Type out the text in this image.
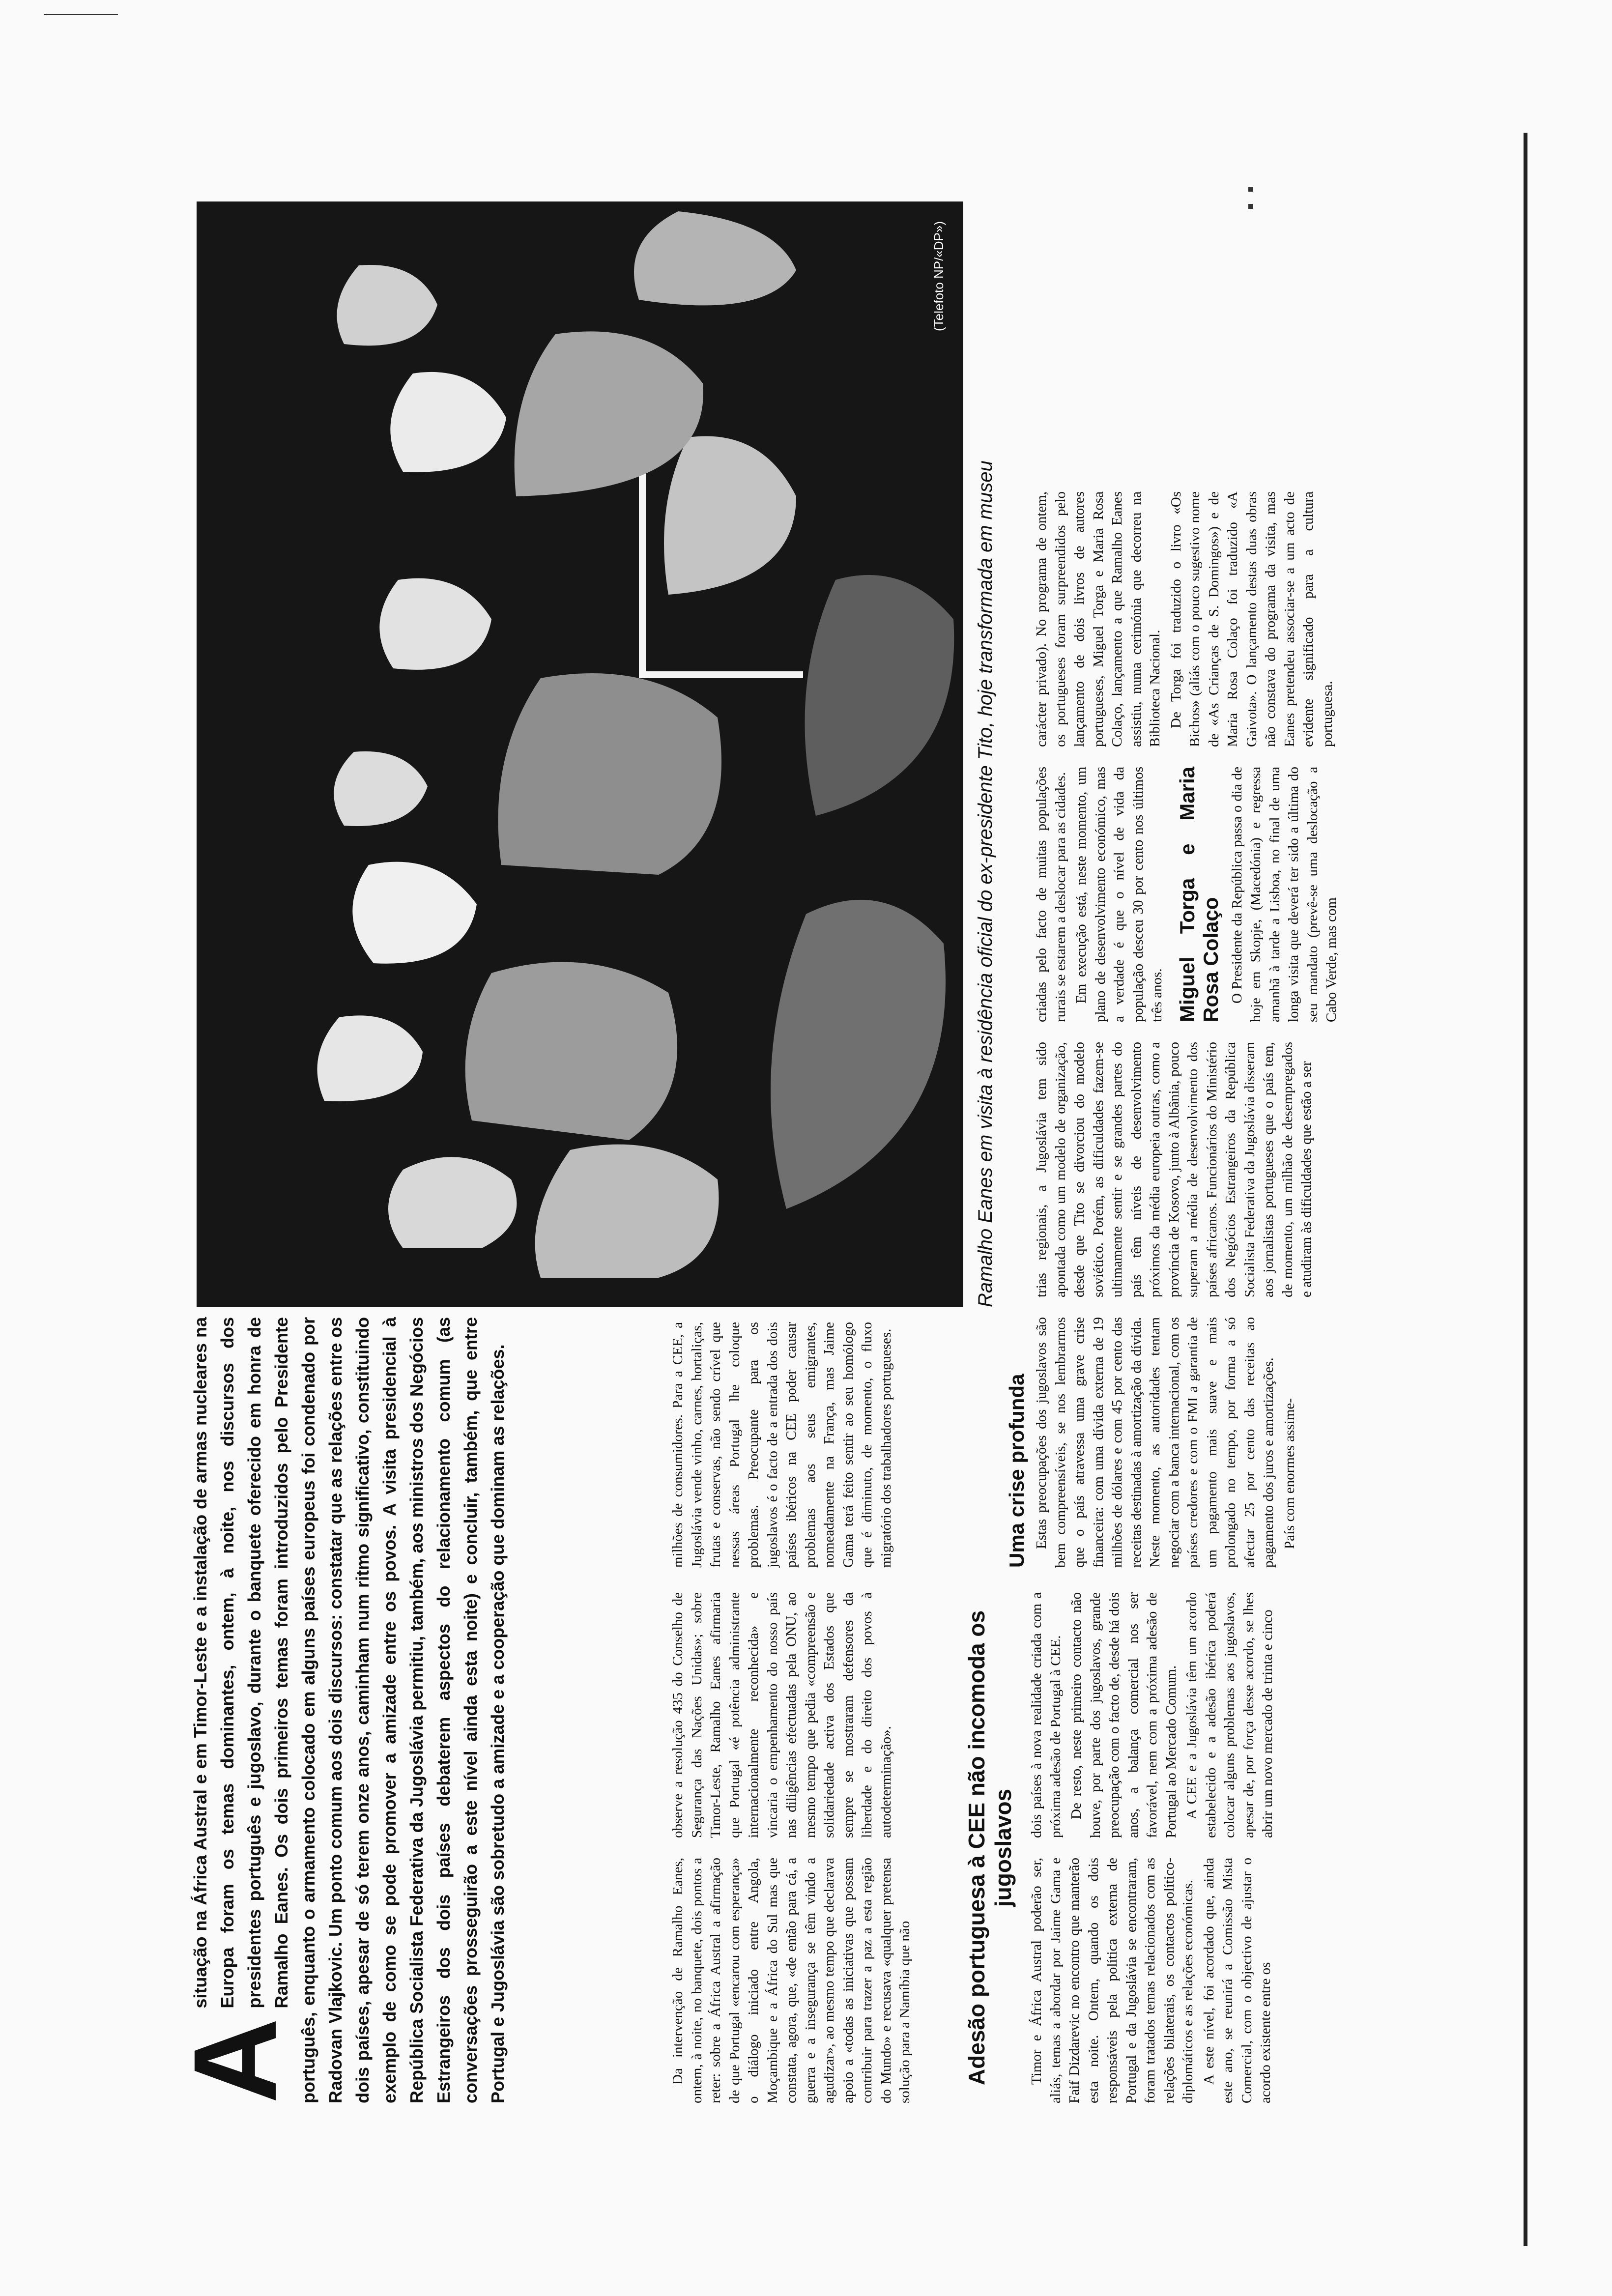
A
situação na África Austral e em Timor-Leste e a instalação de armas nucleares na Europa foram os temas dominantes, ontem, à noite, nos discursos dos presidentes português e jugoslavo, durante o banquete oferecido em honra de Ramalho Eanes. Os dois primeiros temas foram introduzidos pelo Presidente português, enquanto o armamento colocado em alguns países europeus foi condenado por Radovan Vlajkovic. Um ponto comum aos dois discursos: constatar que as relações entre os dois países, apesar de só terem onze anos, caminham num ritmo significativo, constituindo exemplo de como se pode promover a amizade entre os povos. A visita presidencial à República Socialista Federativa da Jugoslávia permitiu, também, aos ministros dos Negócios Estrangeiros dos dois países debaterem aspectos do relacionamento comum (as conversações prosseguirão a este nível ainda esta noite) e concluir, também, que entre Portugal e Jugoslávia são sobretudo a amizade e a cooperação que dominam as relações.	Da intervenção de Ramalho Eanes, ontem, à noite, no banquete, dois pontos a reter: sobre a África Austral a afirmação de que Portugal «encarou com esperança» o diálogo iniciado entre Angola, Moçambique e a África do Sul mas que constata, agora, que, «de então para cá, a guerra e a insegurança se têm vindo a agudizar», ao mesmo tempo que declarava apoio a «todas as iniciativas que possam contribuir para trazer a paz a esta região do Mundo» e recusava «qualquer pretensa solução para a Namíbia que não

observe a resolução 435 do Conselho de Segurança das Nações Unidas»; sobre Timor-Leste, Ramalho Eanes afirmaria que Portugal «é potência administrante internacionalmente reconhecida» e vincaria o empenhamento do nosso país nas diligências efectuadas pela ONU, ao mesmo tempo que pedia «compreensão e solidariedade activa dos Estados que sempre se mostraram defensores da liberdade e do direito dos povos à autodeterminação».

milhões de consumidores. Para a CEE, a Jugoslávia vende vinho, carnes, hortaliças, frutas e conservas, não sendo crível que nessas áreas Portugal lhe coloque problemas. Preocupante para os jugoslavos é o facto de a entrada dos dois países ibéricos na CEE poder causar problemas aos seus emigrantes, nomeadamente na França, mas Jaime Gama terá feito sentir ao seu homólogo que é diminuto, de momento, o fluxo migratório dos trabalhadores portugueses.

Adesão portuguesa à CEE não incomoda os jugoslavos

Timor e África Austral poderão ser, aliás, temas a abordar por Jaime Gama e Faif Dizdarevic no encontro que manterão esta noite. Ontem, quando os dois responsáveis pela política externa de Portugal e da Jugoslávia se encontraram, foram tratados temas relacionados com as relações bilaterais, os contactos político-diplomáticos e as relações económicas. A este nível, foi acordado que, ainda este ano, se reunirá a Comissão Mista Comercial, com o objectivo de ajustar o acordo existente entre os

dois países à nova realidade criada com a próxima adesão de Portugal à CEE. De resto, neste primeiro contacto não houve, por parte dos jugoslavos, grande preocupação com o facto de, desde há dois anos, a balança comercial nos ser favorável, nem com a próxima adesão de Portugal ao Mercado Comum. A CEE e a Jugoslávia têm um acordo estabelecido e a adesão ibérica poderá colocar alguns problemas aos jugoslavos, apesar de, por força desse acordo, se lhes abrir um novo mercado de trinta e cinco

Uma crise profunda Estas preocupações dos jugoslavos são bem compreensíveis, se nos lembrarmos que o país atravessa uma grave crise financeira: com uma dívida externa de 19 milhões de dólares e com 45 por cento das receitas destinadas à amortização da dívida. Neste momento, as autoridades tentam negociar com a banca internacional, com os países credores e com o FMI a garantia de um pagamento mais suave e mais prolongado no tempo, por forma a só afectar 25 por cento das receitas ao pagamento dos juros e amortizações. País com enormes assime-

(Telefoto NP/«DP»)
Ramalho Eanes em visita à residência oficial do ex-presidente Tito, hoje transformada em museu	trias regionais, a Jugoslávia tem sido apontada como um modelo de organização, desde que Tito se divorciou do modelo soviético. Porém, as dificuldades fazem-se ultimamente sentir e se grandes partes do país têm níveis de desenvolvimento próximos da média europeia outras, como a província de Kosovo, junto à Albânia, pouco superam a média de desenvolvimento dos países africanos. Funcionários do Ministério dos Negócios Estrangeiros da República Socialista Federativa da Jugoslávia disseram aos jornalistas portugueses que o país tem, de momento, um milhão de desempregados e atudiram às dificuldades que estão a ser

criadas pelo facto de muitas populações rurais se estarem a deslocar para as cidades. Em execução está, neste momento, um plano de desenvolvimento económico, mas a verdade é que o nível de vida da população desceu 30 por cento nos últimos três anos. Miguel Torga e Maria Rosa Colaço O Presidente da República passa o dia de hoje em Skopje, (Macedónia) e regressa amanhã à tarde a Lisboa, no final de uma longa visita que deverá ter sido a última do seu mandato (prevê-se uma deslocação a Cabo Verde, mas com

carácter privado). No programa de ontem, os portugueses foram surpreendidos pelo lançamento de dois livros de autores portugueses, Miguel Torga e Maria Rosa Colaço, lançamento a que Ramalho Eanes assistiu, numa cerimónia que decorreu na Biblioteca Nacional. De Torga foi traduzido o livro «Os Bichos» (aliás com o pouco sugestivo nome de «As Crianças de S. Domingos») e de Maria Rosa Colaço foi traduzido «A Gaivota». O lançamento destas duas obras não constava do programa da visita, mas Eanes pretendeu associar-se a um acto de evidente significado para a cultura portuguesa.
